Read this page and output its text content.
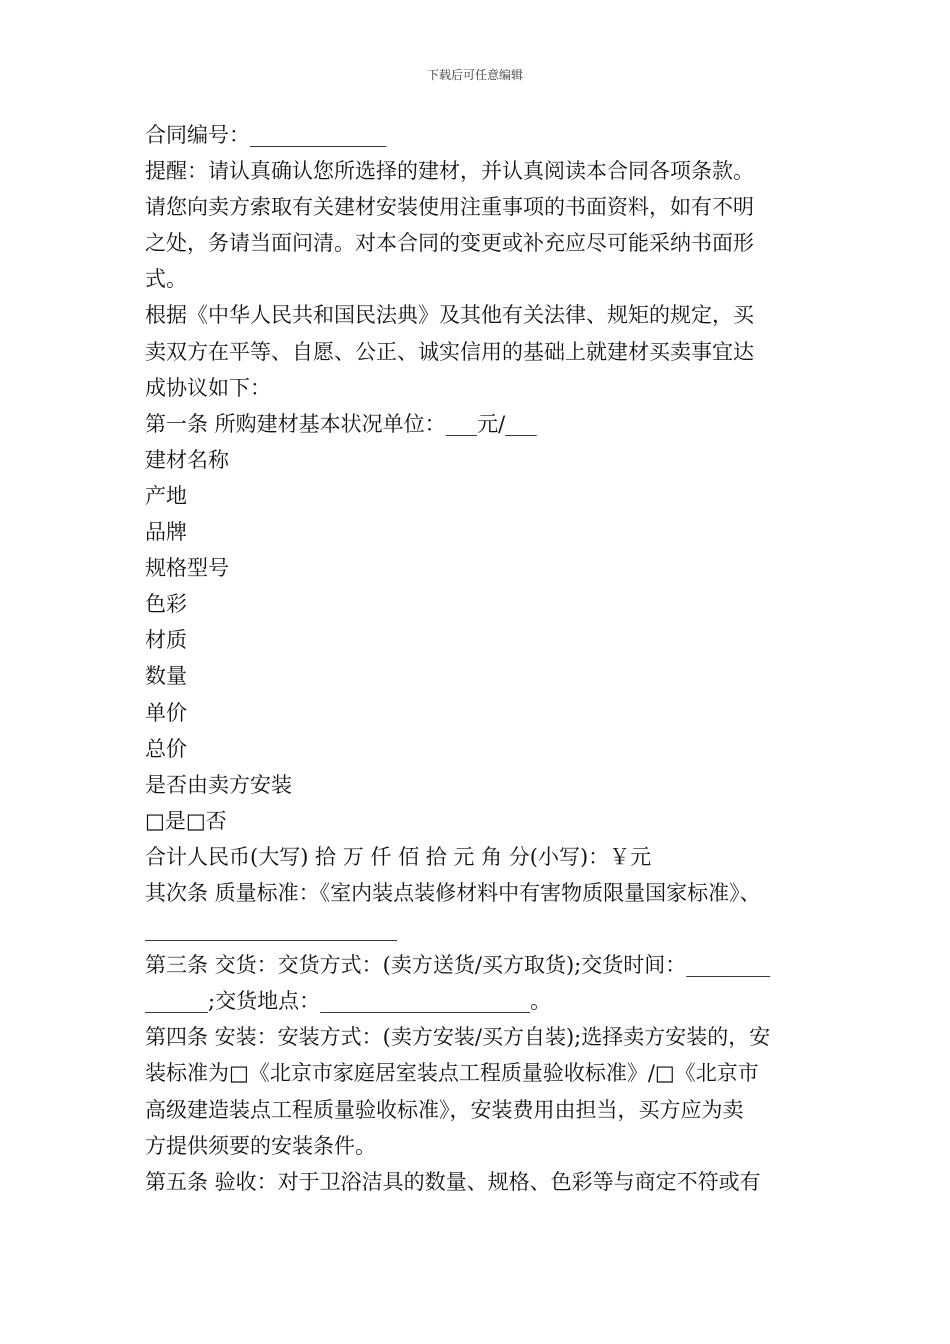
下载后可任意编辑

合同编号：_____________

提醒：请认真确认您所选择的建材，并认真阅读本合同各项条款。

请您向卖方索取有关建材安装使用注重事项的书面资料，如有不明

之处，务请当面问清。对本合同的变更或补充应尽可能采纳书面形

式。

根据《中华人民共和国民法典》及其他有关法律、规矩的规定，买

卖双方在平等、自愿、公正、诚实信用的基础上就建材买卖事宜达

成协议如下：

第一条 所购建材基本状况单位：___元/___

建材名称

产地

品牌

规格型号

色彩

材质

数量

单价

总价

是否由卖方安装

□是□否

合计人民币(大写) 拾 万 仟 佰 拾 元 角 分(小写)：￥元

其次条 质量标准：《室内装点装修材料中有害物质限量国家标准》、

________________________

第三条 交货：交货方式：(卖方送货/买方取货);交货时间：________

______;交货地点：____________________。

第四条 安装：安装方式：(卖方安装/买方自装);选择卖方安装的，安

装标准为□《北京市家庭居室装点工程质量验收标准》/□《北京市

高级建造装点工程质量验收标准》，安装费用由担当，买方应为卖

方提供须要的安装条件。

第五条 验收：对于卫浴洁具的数量、规格、色彩等与商定不符或有
